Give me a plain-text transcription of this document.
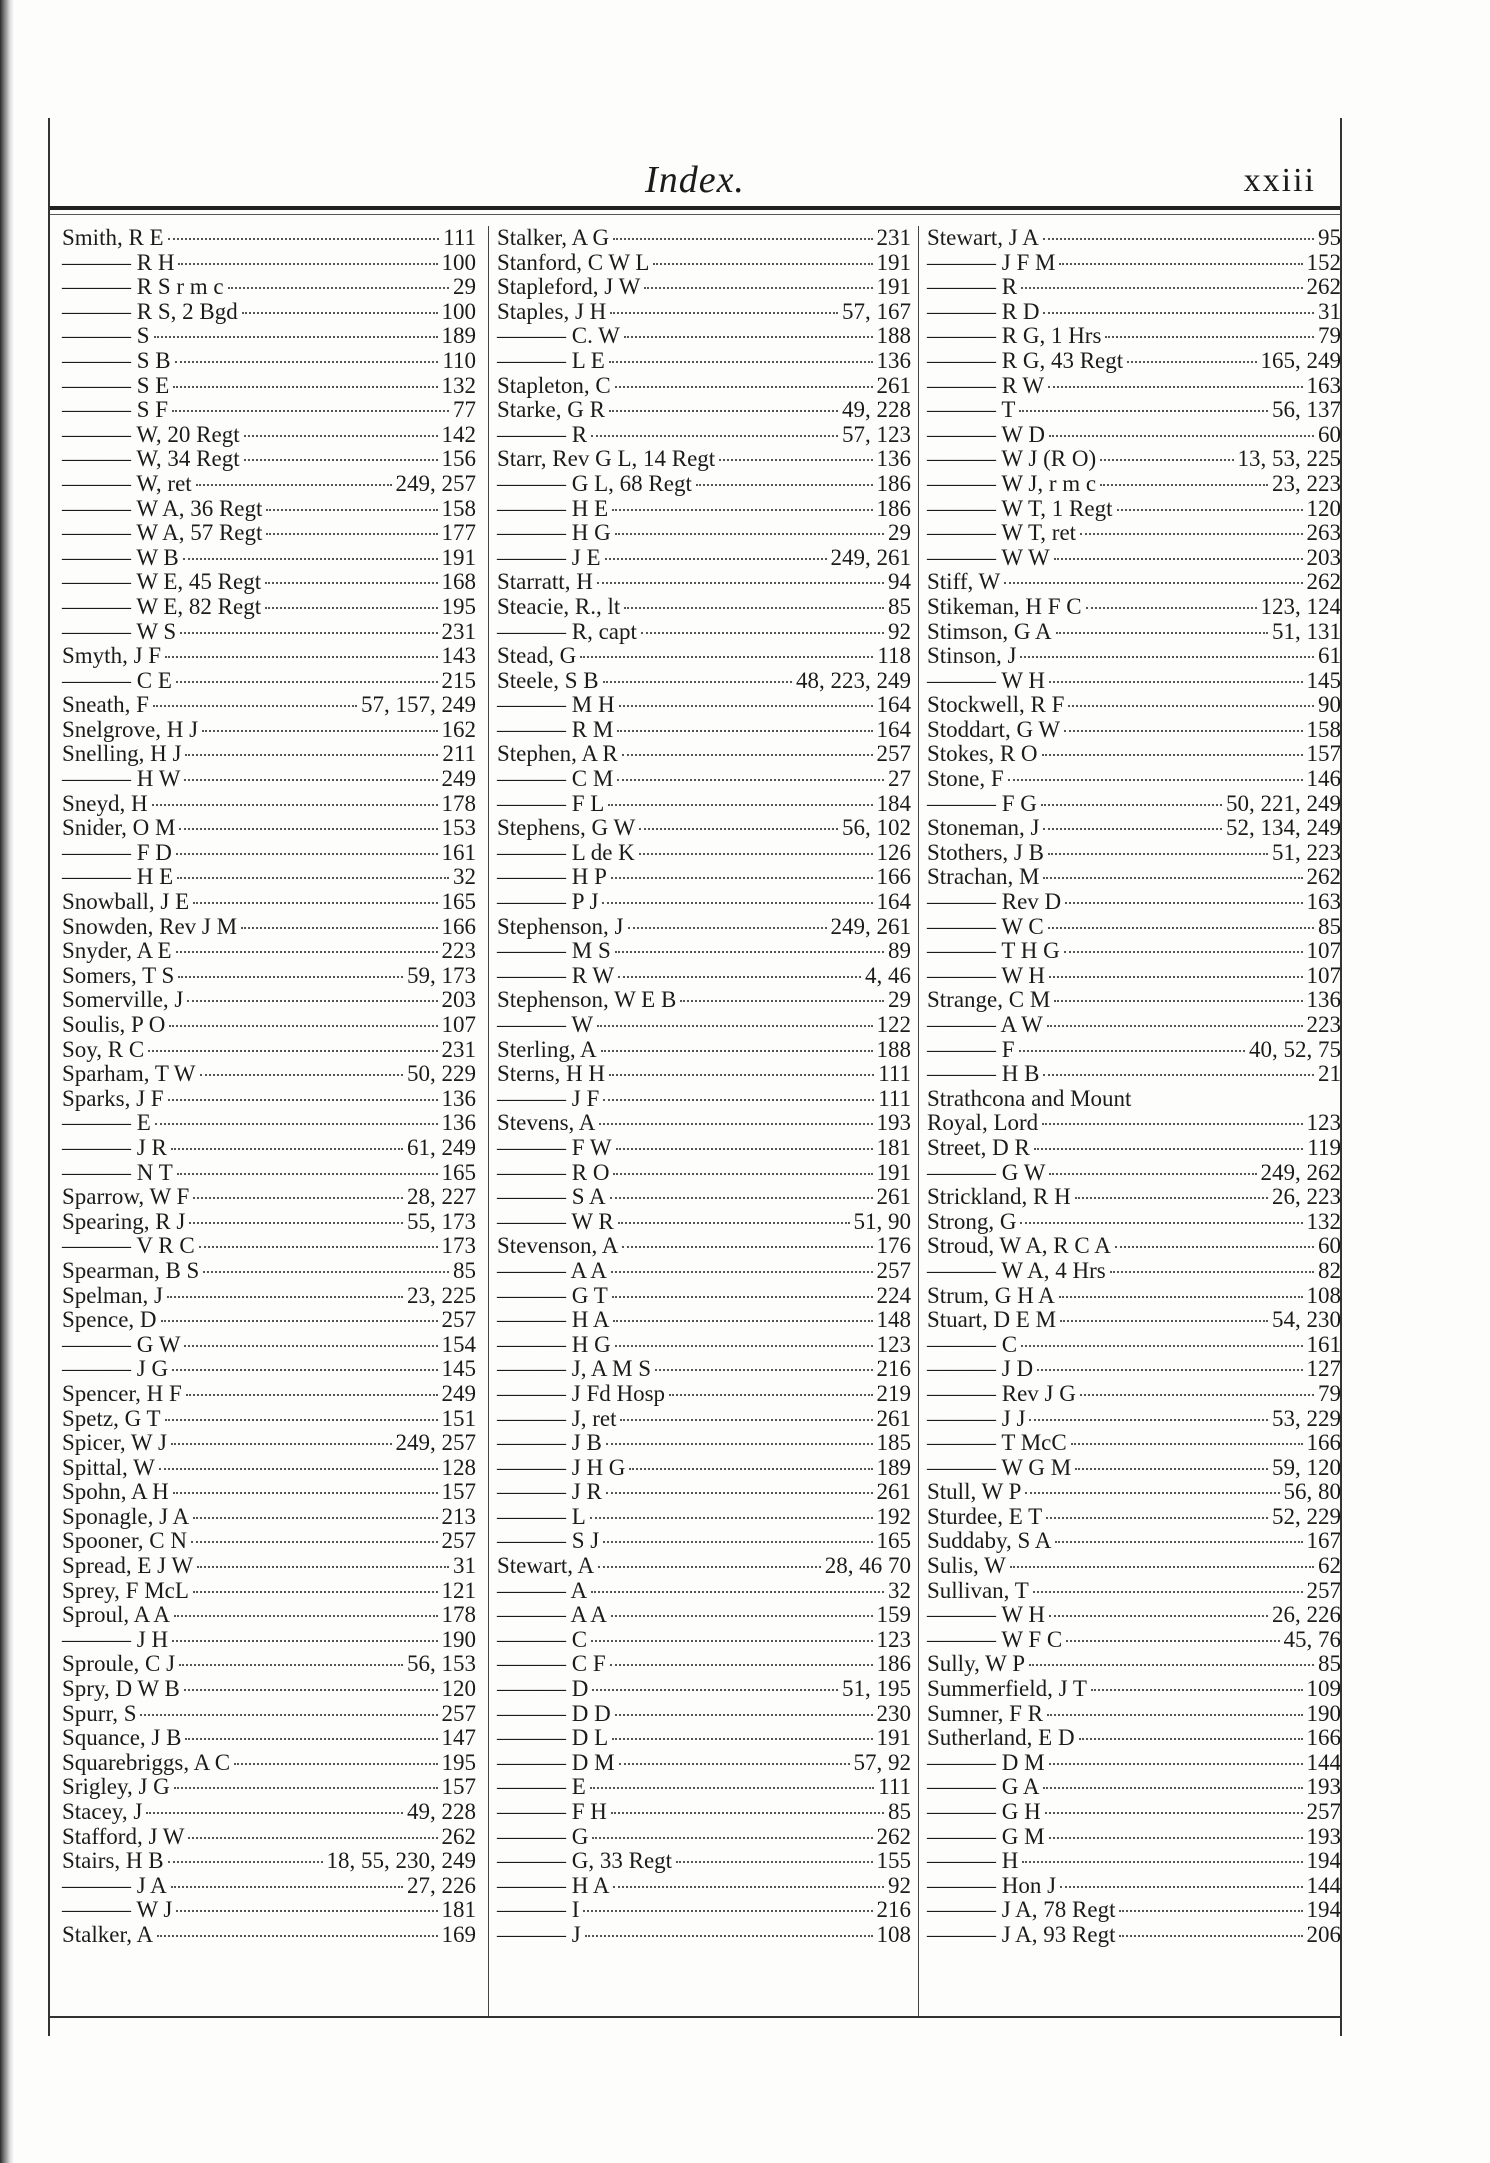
Index.	xxiii
Smith, R E	111
——— R H	100
——— R S r m c	29
——— R S, 2 Bgd	100
——— S	189
——— S B	110
——— S E	132
——— S F	77
——— W, 20 Regt	142
——— W, 34 Regt	156
——— W, ret	249, 257
——— W A, 36 Regt	158
——— W A, 57 Regt	177
——— W B	191
——— W E, 45 Regt	168
——— W E, 82 Regt	195
——— W S	231
Smyth, J F	143
——— C E	215
Sneath, F	57, 157, 249
Snelgrove, H J	162
Snelling, H J	211
——— H W	249
Sneyd, H	178
Snider, O M	153
——— F D	161
——— H E	32
Snowball, J E	165
Snowden, Rev J M	166
Snyder, A E	223
Somers, T S	59, 173
Somerville, J	203
Soulis, P O	107
Soy, R C	231
Sparham, T W	50, 229
Sparks, J F	136
——— E	136
——— J R	61, 249
——— N T	165
Sparrow, W F	28, 227
Spearing, R J	55, 173
——— V R C	173
Spearman, B S	85
Spelman, J	23, 225
Spence, D	257
——— G W	154
——— J G	145
Spencer, H F	249
Spetz, G T	151
Spicer, W J	249, 257
Spittal, W	128
Spohn, A H	157
Sponagle, J A	213
Spooner, C N	257
Spread, E J W	31
Sprey, F McL	121
Sproul, A A	178
——— J H	190
Sproule, C J	56, 153
Spry, D W B	120
Spurr, S	257
Squance, J B	147
Squarebriggs, A C	195
Srigley, J G	157
Stacey, J	49, 228
Stafford, J W	262
Stairs, H B	18, 55, 230, 249
——— J A	27, 226
——— W J	181
Stalker, A	169
Stalker, A G	231
Stanford, C W L	191
Stapleford, J W	191
Staples, J H	57, 167
——— C. W	188
——— L E	136
Stapleton, C	261
Starke, G R	49, 228
——— R	57, 123
Starr, Rev G L, 14 Regt	136
——— G L, 68 Regt	186
——— H E	186
——— H G	29
——— J E	249, 261
Starratt, H	94
Steacie, R., lt	85
——— R, capt	92
Stead, G	118
Steele, S B	48, 223, 249
——— M H	164
——— R M	164
Stephen, A R	257
——— C M	27
——— F L	184
Stephens, G W	56, 102
——— L de K	126
——— H P	166
——— P J	164
Stephenson, J	249, 261
——— M S	89
——— R W	4, 46
Stephenson, W E B	29
——— W	122
Sterling, A	188
Sterns, H H	111
——— J F	111
Stevens, A	193
——— F W	181
——— R O	191
——— S A	261
——— W R	51, 90
Stevenson, A	176
——— A A	257
——— G T	224
——— H A	148
——— H G	123
——— J, A M S	216
——— J Fd Hosp	219
——— J, ret	261
——— J B	185
——— J H G	189
——— J R	261
——— L	192
——— S J	165
Stewart, A	28, 46 70
——— A	32
——— A A	159
——— C	123
——— C F	186
——— D	51, 195
——— D D	230
——— D L	191
——— D M	57, 92
——— E	111
——— F H	85
——— G	262
——— G, 33 Regt	155
——— H A	92
——— I	216
——— J	108
Stewart, J A	95
——— J F M	152
——— R	262
——— R D	31
——— R G, 1 Hrs	79
——— R G, 43 Regt	165, 249
——— R W	163
——— T	56, 137
——— W D	60
——— W J (R O)	13, 53, 225
——— W J, r m c	23, 223
——— W T, 1 Regt	120
——— W T, ret	263
——— W W	203
Stiff, W	262
Stikeman, H F C	123, 124
Stimson, G A	51, 131
Stinson, J	61
——— W H	145
Stockwell, R F	90
Stoddart, G W	158
Stokes, R O	157
Stone, F	146
——— F G	50, 221, 249
Stoneman, J	52, 134, 249
Stothers, J B	51, 223
Strachan, M	262
——— Rev D	163
——— W C	85
——— T H G	107
——— W H	107
Strange, C M	136
——— A W	223
——— F	40, 52, 75
——— H B	21
Strathcona and Mount
Royal, Lord	123
Street, D R	119
——— G W	249, 262
Strickland, R H	26, 223
Strong, G	132
Stroud, W A, R C A	60
——— W A, 4 Hrs	82
Strum, G H A	108
Stuart, D E M	54, 230
——— C	161
——— J D	127
——— Rev J G	79
——— J J	53, 229
——— T McC	166
——— W G M	59, 120
Stull, W P	56, 80
Sturdee, E T	52, 229
Suddaby, S A	167
Sulis, W	62
Sullivan, T	257
——— W H	26, 226
——— W F C	45, 76
Sully, W P	85
Summerfield, J T	109
Sumner, F R	190
Sutherland, E D	166
——— D M	144
——— G A	193
——— G H	257
——— G M	193
——— H	194
——— Hon J	144
——— J A, 78 Regt	194
——— J A, 93 Regt	206
